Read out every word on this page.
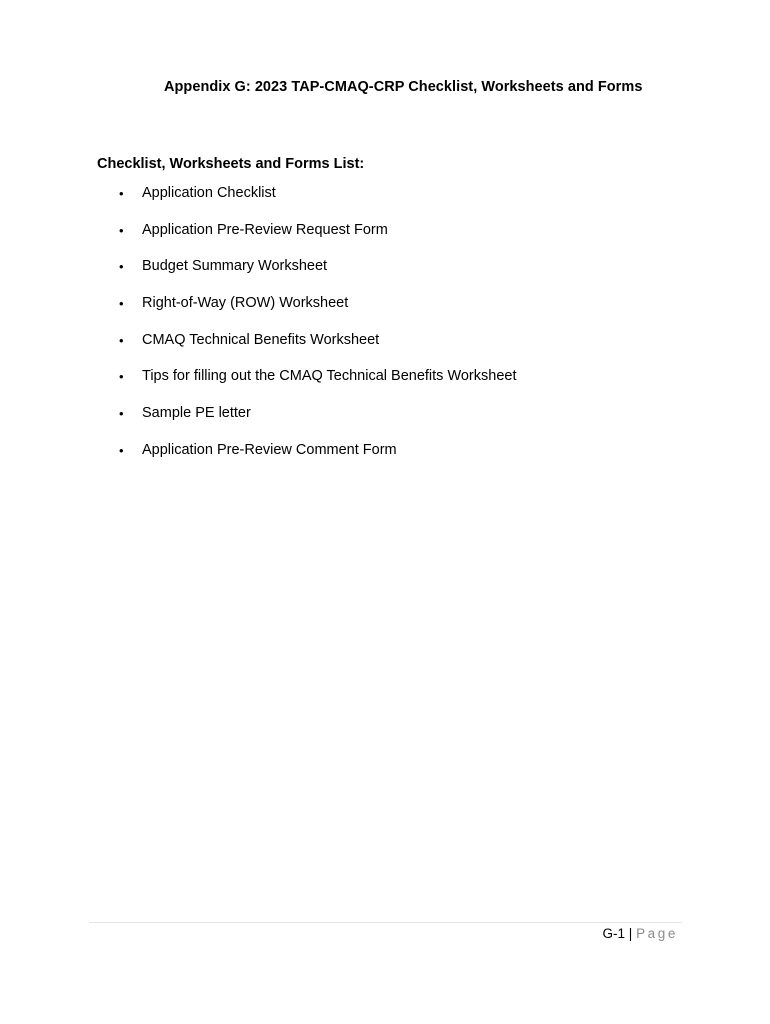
Appendix G: 2023 TAP-CMAQ-CRP Checklist, Worksheets and Forms
Checklist, Worksheets and Forms List:
• Application Checklist
• Application Pre-Review Request Form
• Budget Summary Worksheet
• Right-of-Way (ROW) Worksheet
• CMAQ Technical Benefits Worksheet
• Tips for filling out the CMAQ Technical Benefits Worksheet
• Sample PE letter
• Application Pre-Review Comment Form
G-1 | Page
